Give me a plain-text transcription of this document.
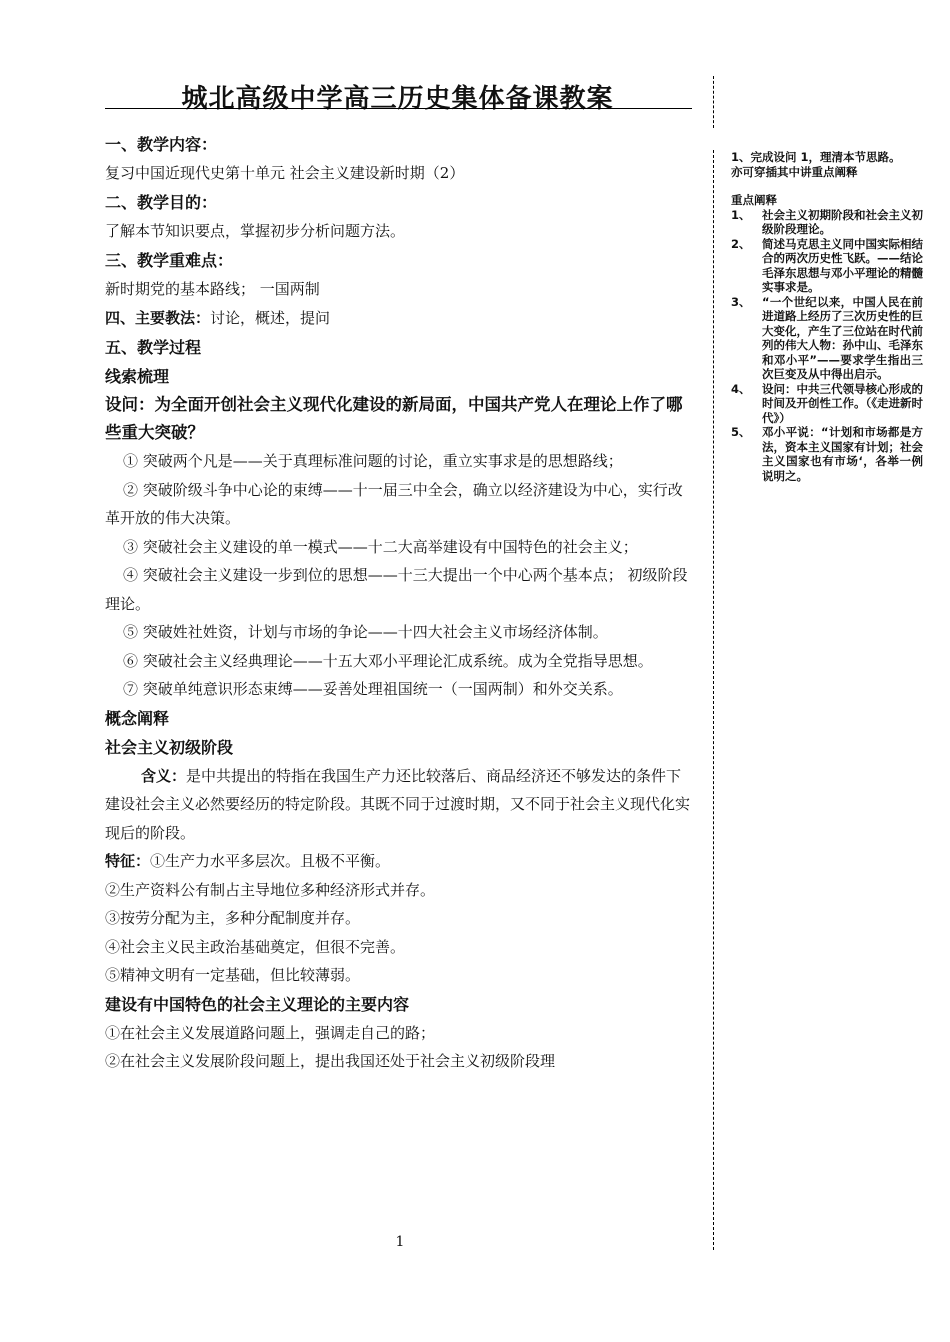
城北高级中学高三历史集体备课教案

一、教学内容：

复习中国近现代史第十单元 社会主义建设新时期（2）

二、教学目的：

了解本节知识要点，掌握初步分析问题方法。

三、教学重难点：

新时期党的基本路线； 一国两制

四、主要教法：讨论，概述，提问

五、教学过程

线索梳理

设问：为全面开创社会主义现代化建设的新局面，中国共产党人在理论上作了哪些重大突破？

① 突破两个凡是——关于真理标准问题的讨论，重立实事求是的思想路线；

② 突破阶级斗争中心论的束缚——十一届三中全会，确立以经济建设为中心，实行改革开放的伟大决策。

③ 突破社会主义建设的单一模式——十二大高举建设有中国特色的社会主义；

④ 突破社会主义建设一步到位的思想——十三大提出一个中心两个基本点； 初级阶段理论。

⑤ 突破姓社姓资，计划与市场的争论——十四大社会主义市场经济体制。

⑥ 突破社会主义经典理论——十五大邓小平理论汇成系统。成为全党指导思想。

⑦ 突破单纯意识形态束缚——妥善处理祖国统一（一国两制）和外交关系。

概念阐释

社会主义初级阶段

含义：是中共提出的特指在我国生产力还比较落后、商品经济还不够发达的条件下建设社会主义必然要经历的特定阶段。其既不同于过渡时期，又不同于社会主义现代化实现后的阶段。

特征：①生产力水平多层次。且极不平衡。

②生产资料公有制占主导地位多种经济形式并存。

③按劳分配为主，多种分配制度并存。

④社会主义民主政治基础奠定，但很不完善。

⑤精神文明有一定基础，但比较薄弱。

建设有中国特色的社会主义理论的主要内容

①在社会主义发展道路问题上，强调走自己的路；

②在社会主义发展阶段问题上，提出我国还处于社会主义初级阶段理

1、完成设问 1，理清本节思路。

亦可穿插其中讲重点阐释

重点阐释

1、 社会主义初期阶段和社会主义初级阶段理论。

2、 简述马克思主义同中国实际相结合的两次历史性飞跃。——结论毛泽东思想与邓小平理论的精髓实事求是。

3、 “一个世纪以来，中国人民在前进道路上经历了三次历史性的巨大变化，产生了三位站在时代前列的伟大人物：孙中山、毛泽东和邓小平”——要求学生指出三次巨变及从中得出启示。

4、 设问：中共三代领导核心形成的时间及开创性工作。（《走进新时代》）

5、 邓小平说：“计划和市场都是方法，资本主义国家有计划；社会主义国家也有市场‘，各举一例说明之。

1
